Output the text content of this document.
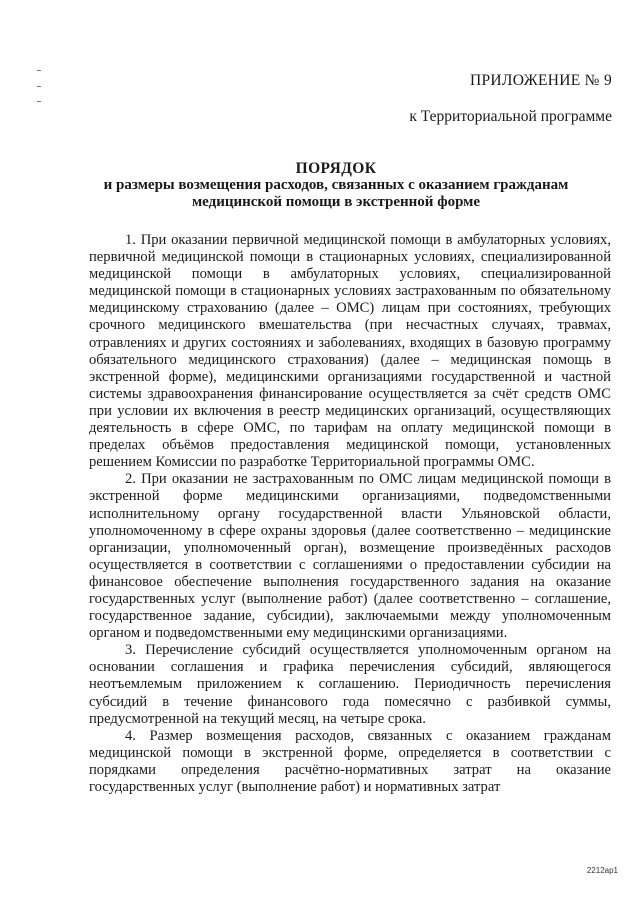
ПРИЛОЖЕНИЕ № 9
к Территориальной программе
ПОРЯДОК
и размеры возмещения расходов, связанных с оказанием гражданам медицинской помощи в экстренной форме

1. При оказании первичной медицинской помощи в амбулаторных условиях, первичной медицинской помощи в стационарных условиях, специализированной медицинской помощи в амбулаторных условиях, специализированной медицинской помощи в стационарных условиях застрахованным по обязательному медицинскому страхованию (далее – ОМС) лицам при состояниях, требующих срочного медицинского вмешательства (при несчастных случаях, травмах, отравлениях и других состояниях и заболеваниях, входящих в базовую программу обязательного медицинского страхования) (далее – медицинская помощь в экстренной форме), медицинскими организациями государственной и частной системы здравоохранения финансирование осуществляется за счёт средств ОМС при условии их включения в реестр медицинских организаций, осуществляющих деятельность в сфере ОМС, по тарифам на оплату медицинской помощи в пределах объёмов предоставления медицинской помощи, установленных решением Комиссии по разработке Территориальной программы ОМС.

2. При оказании не застрахованным по ОМС лицам медицинской помощи в экстренной форме медицинскими организациями, подведомственными исполнительному органу государственной власти Ульяновской области, уполномоченному в сфере охраны здоровья (далее соответственно – медицинские организации, уполномоченный орган), возмещение произведённых расходов осуществляется в соответствии с соглашениями о предоставлении субсидии на финансовое обеспечение выполнения государственного задания на оказание государственных услуг (выполнение работ) (далее соответственно – соглашение, государственное задание, субсидии), заключаемыми между уполномоченным органом и подведомственными ему медицинскими организациями.

3. Перечисление субсидий осуществляется уполномоченным органом на основании соглашения и графика перечисления субсидий, являющегося неотъемлемым приложением к соглашению. Периодичность перечисления субсидий в течение финансового года помесячно с разбивкой суммы, предусмотренной на текущий месяц, на четыре срока.

4. Размер возмещения расходов, связанных с оказанием гражданам медицинской помощи в экстренной форме, определяется в соответствии с порядками определения расчётно-нормативных затрат на оказание государственных услуг (выполнение работ) и нормативных затрат

2212ap1
